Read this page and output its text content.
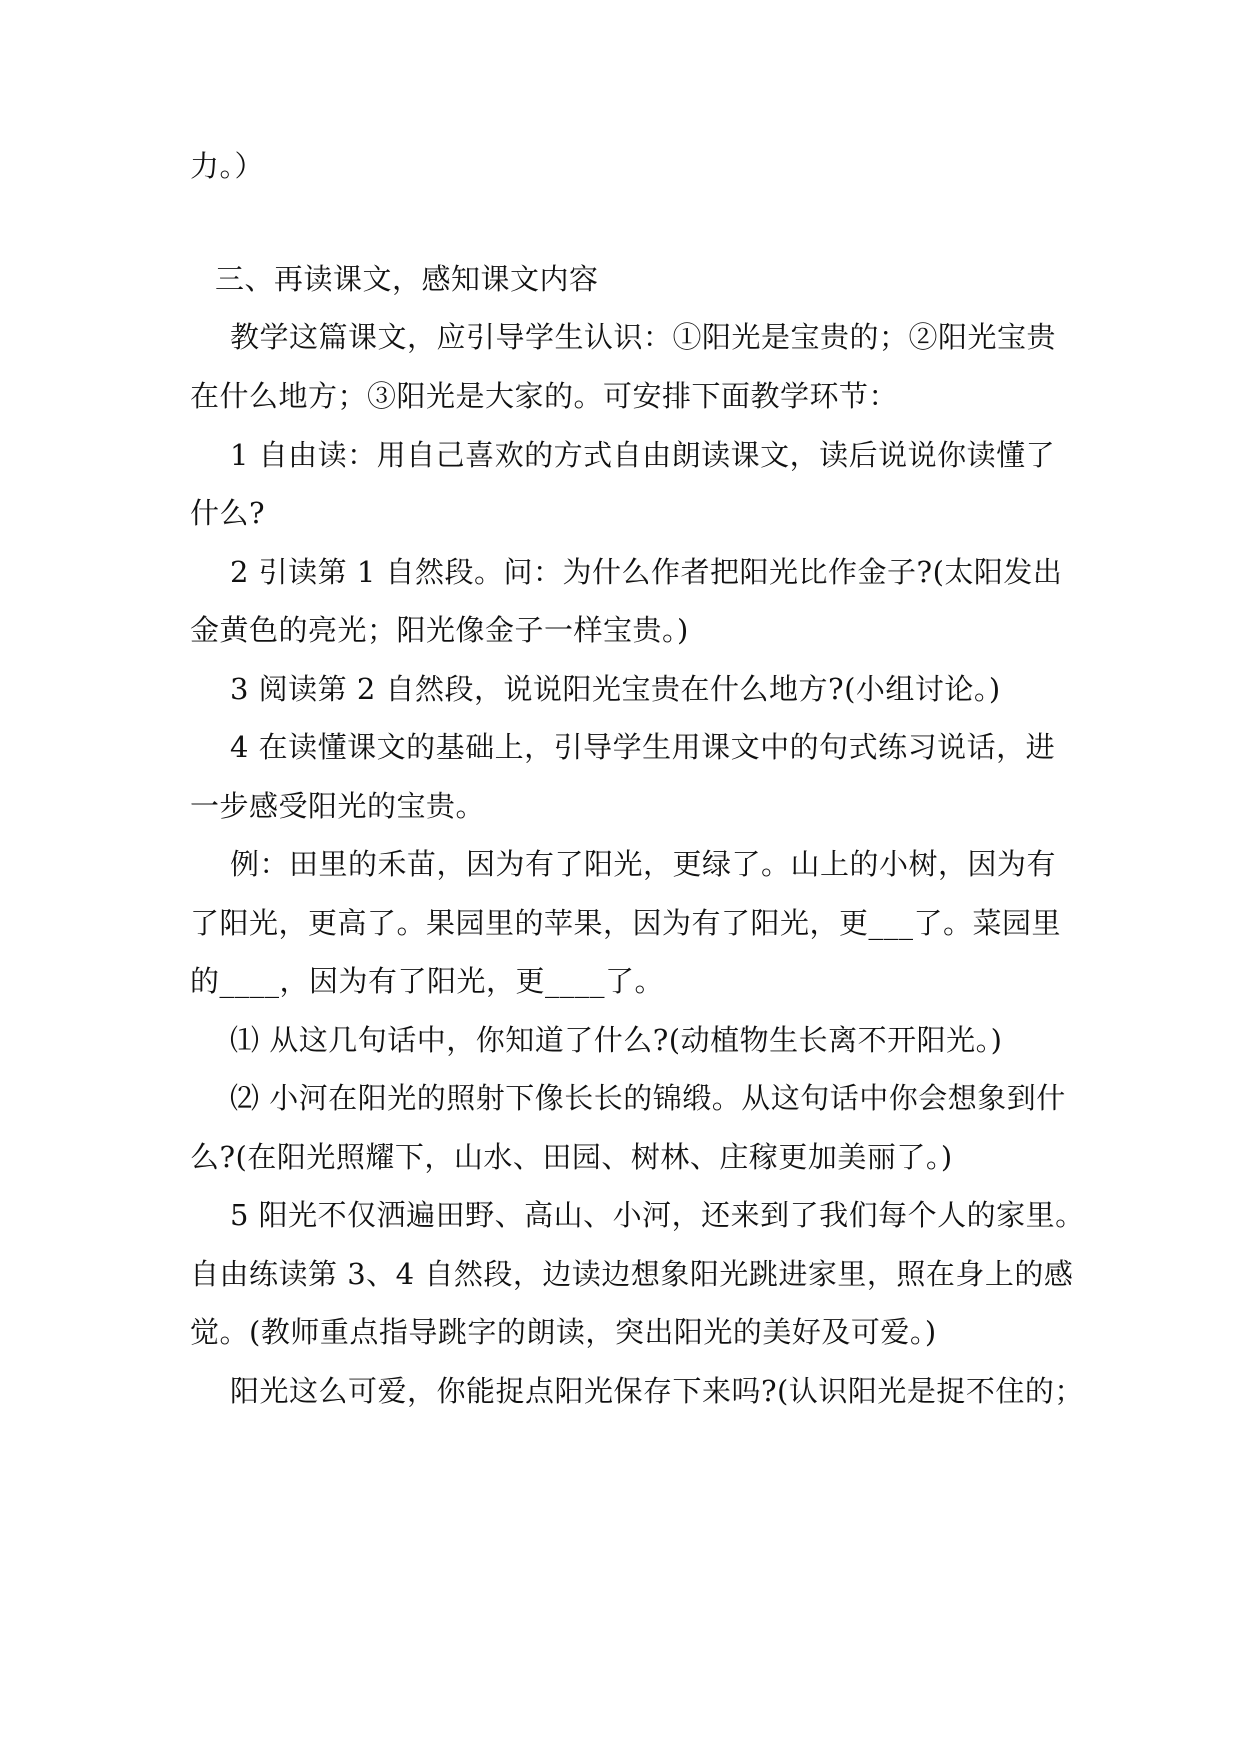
力。）
三、再读课文，感知课文内容
教学这篇课文，应引导学生认识：①阳光是宝贵的；②阳光宝贵
在什么地方；③阳光是大家的。可安排下面教学环节：
1 自由读：用自己喜欢的方式自由朗读课文，读后说说你读懂了
什么?
2 引读第 1 自然段。问：为什么作者把阳光比作金子?(太阳发出
金黄色的亮光；阳光像金子一样宝贵。)
3 阅读第 2 自然段，说说阳光宝贵在什么地方?(小组讨论。)
4 在读懂课文的基础上，引导学生用课文中的句式练习说话，进
一步感受阳光的宝贵。
例：田里的禾苗，因为有了阳光，更绿了。山上的小树，因为有
了阳光，更高了。果园里的苹果，因为有了阳光，更___了。菜园里
的____，因为有了阳光，更____了。
⑴ 从这几句话中，你知道了什么?(动植物生长离不开阳光。)
⑵ 小河在阳光的照射下像长长的锦缎。从这句话中你会想象到什
么?(在阳光照耀下，山水、田园、树林、庄稼更加美丽了。)
5 阳光不仅洒遍田野、高山、小河，还来到了我们每个人的家里。
自由练读第 3、4 自然段，边读边想象阳光跳进家里，照在身上的感
觉。(教师重点指导跳字的朗读，突出阳光的美好及可爱。)
阳光这么可爱，你能捉点阳光保存下来吗?(认识阳光是捉不住的；
